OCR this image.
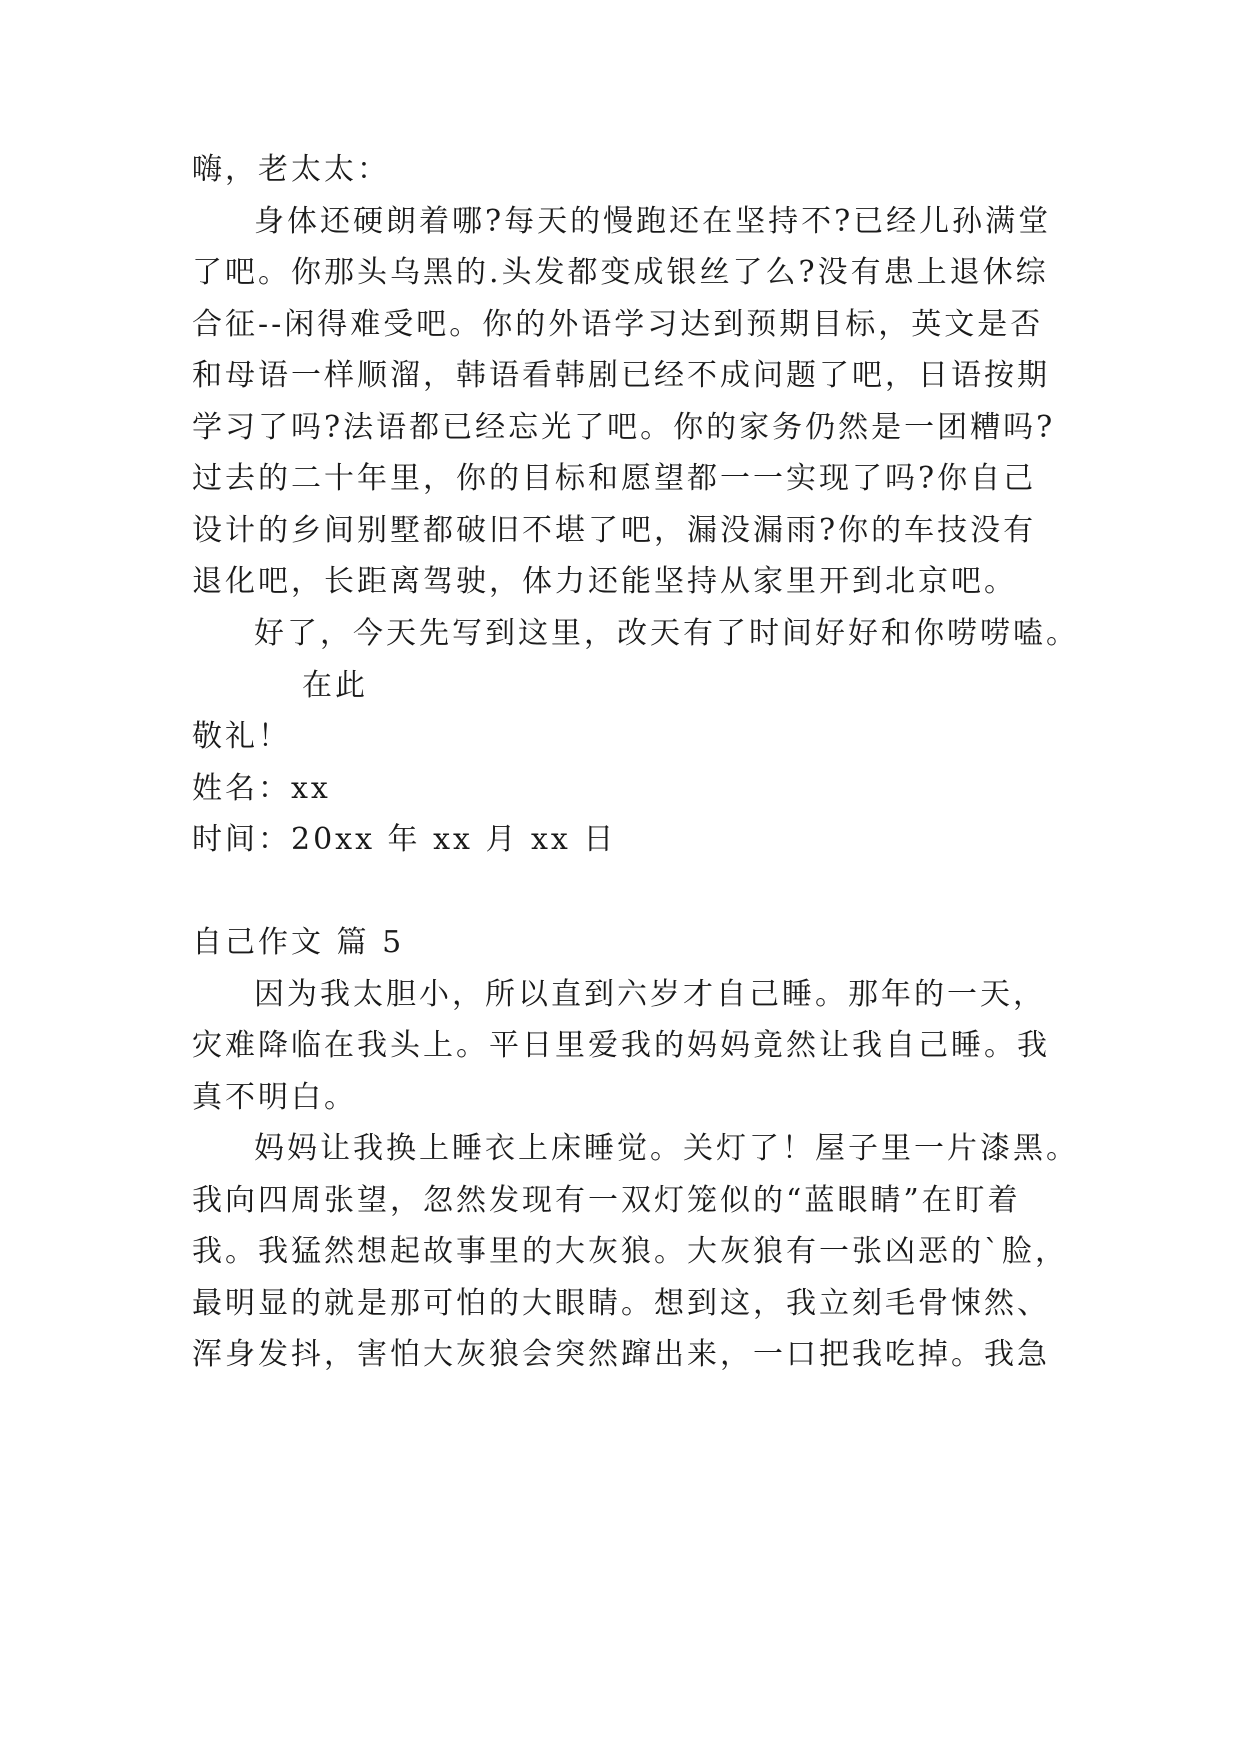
嗨，老太太：
身体还硬朗着哪?每天的慢跑还在坚持不?已经儿孙满堂
了吧。你那头乌黑的.头发都变成银丝了么?没有患上退休综
合征--闲得难受吧。你的外语学习达到预期目标，英文是否
和母语一样顺溜，韩语看韩剧已经不成问题了吧，日语按期
学习了吗?法语都已经忘光了吧。你的家务仍然是一团糟吗?
过去的二十年里，你的目标和愿望都一一实现了吗?你自己
设计的乡间别墅都破旧不堪了吧，漏没漏雨?你的车技没有
退化吧，长距离驾驶，体力还能坚持从家里开到北京吧。
好了，今天先写到这里，改天有了时间好好和你唠唠嗑。
在此
敬礼！
姓名：xx
时间：20xx 年 xx 月 xx 日
自己作文 篇 5
因为我太胆小，所以直到六岁才自己睡。那年的一天，
灾难降临在我头上。平日里爱我的妈妈竟然让我自己睡。我
真不明白。
妈妈让我换上睡衣上床睡觉。关灯了！屋子里一片漆黑。
我向四周张望，忽然发现有一双灯笼似的“蓝眼睛”在盯着
我。我猛然想起故事里的大灰狼。大灰狼有一张凶恶的`脸，
最明显的就是那可怕的大眼睛。想到这，我立刻毛骨悚然、
浑身发抖，害怕大灰狼会突然蹿出来，一口把我吃掉。我急
